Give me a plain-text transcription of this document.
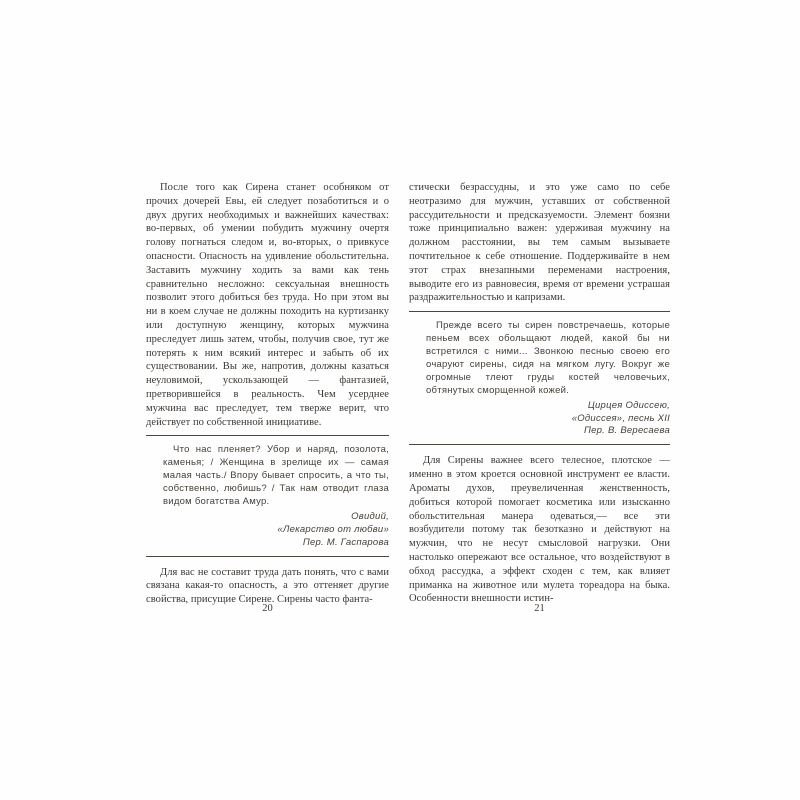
После того как Сирена станет особняком от прочих дочерей Евы, ей следует позаботиться и о двух других необходимых и важнейших качествах: во-первых, об умении побудить мужчину очертя голову погнаться следом и, во-вторых, о привкусе опасности. Опасность на удивление обольстительна. Заставить мужчину ходить за вами как тень сравнительно несложно: сексуальная внешность позволит этого добиться без труда. Но при этом вы ни в коем случае не должны походить на куртизанку или доступную женщину, которых мужчина преследует лишь затем, чтобы, получив свое, тут же потерять к ним всякий интерес и забыть об их существовании. Вы же, напротив, должны казаться неуловимой, ускользающей — фантазией, претворившейся в реальность. Чем усерднее мужчина вас преследует, тем тверже верит, что действует по собственной инициативе.

Что нас пленяет? Убор и наряд, позолота, каменья; / Женщина в зрелище их — самая малая часть./ Впору бывает спросить, а что ты, собственно, любишь? / Так нам отводит глаза видом богатства Амур.

Овидий,
«Лекарство от любви»
Пер. М. Гаспарова

Для вас не составит труда дать понять, что с вами связана какая-то опасность, а это оттеняет другие свойства, присущие Сирене. Сирены часто фанта-

20

стически безрассудны, и это уже само по себе неотразимо для мужчин, уставших от собственной рассудительности и предсказуемости. Элемент боязни тоже принципиально важен: удерживая мужчину на должном расстоянии, вы тем самым вызываете почтительное к себе отношение. Поддерживайте в нем этот страх внезапными переменами настроения, выводите его из равновесия, время от времени устрашая раздражительностью и капризами.

Прежде всего ты сирен повстречаешь, которые пеньем всех обольщают людей, какой бы ни встретился с ними... Звонкою песнью своею его очаруют сирены, сидя на мягком лугу. Вокруг же огромные тлеют груды костей человечьих, обтянутых сморщенной кожей.

Цирцея Одиссею,
«Одиссея», песнь XII
Пер. В. Вересаева

Для Сирены важнее всего телесное, плотское — именно в этом кроется основной инструмент ее власти. Ароматы духов, преувеличенная женственность, добиться которой помогает косметика или изысканно обольстительная манера одеваться,— все эти возбудители потому так безотказно и действуют на мужчин, что не несут смысловой нагрузки. Они настолько опережают все остальное, что воздействуют в обход рассудка, а эффект сходен с тем, как влияет приманка на животное или мулета тореадора на быка. Особенности внешности истин-

21
